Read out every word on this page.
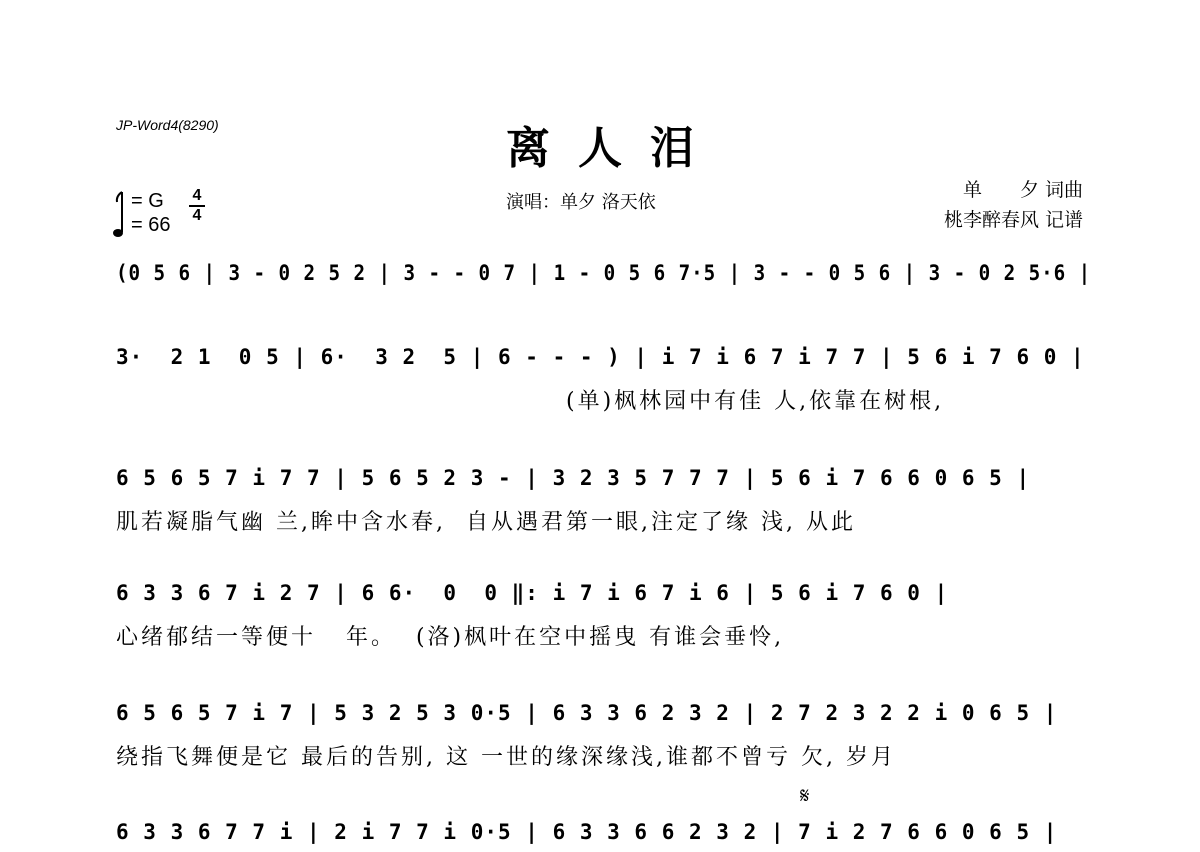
JP-Word4(8290)	离人泪
演唱：单夕 洛天依
单　　夕 词曲
桃李醉春风 记谱
= G
= 66
4
4
(0 5 6 | 3 - 0 2 5 2 | 3 - - 0 7 | 1 - 0 5 6 7·5 | 3 - - 0 5 6 | 3 - 0 2 5·6 |
3·  2 1  0 5 | 6·  3 2  5 | 6 - - - ) | i 7 i 6 7 i 7 7 | 5 6 i 7 6 0 |
(单)枫林园中有佳 人,依靠在树根,
6 5 6 5 7 i 7 7 | 5 6 5 2 3 - | 3 2 3 5 7 7 7 | 5 6 i 7 6 6 0 6 5 |
肌若凝脂气幽 兰,眸中含水春,  自从遇君第一眼,注定了缘 浅, 从此
6 3 3 6 7 i 2 7 | 6 6·  0  0 ‖: i 7 i 6 7 i 6 | 5 6 i 7 6 0 |
心绪郁结一等便十   年。  (洛)枫叶在空中摇曳 有谁会垂怜,
6 5 6 5 7 i 7 | 5 3 2 5 3 0·5 | 6 3 3 6 2 3 2 | 2 7 2 3 2 2 i 0 6 5 |
绕指飞舞便是它 最后的告别, 这 一世的缘深缘浅,谁都不曾亏 欠, 岁月
𝄋
6 3 3 6 7 7 i | 2 i 7 7 i 0·5 | 6 3 3 6 6 2 3 2 | 7 i 2 7 6 6 0 6 5 |
